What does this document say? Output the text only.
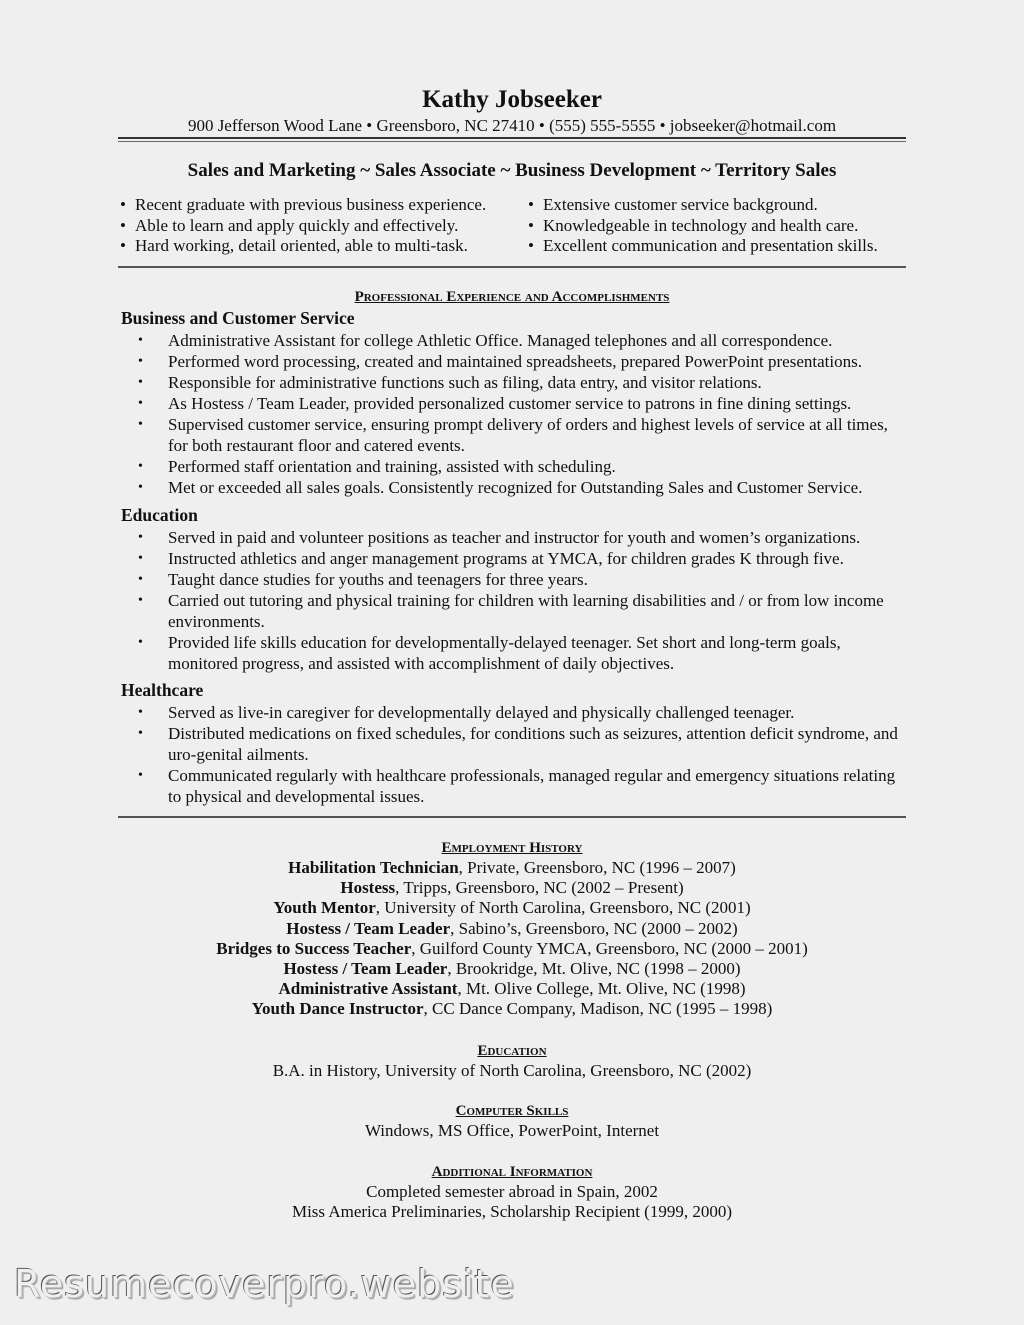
Kathy Jobseeker
900 Jefferson Wood Lane • Greensboro, NC 27410 • (555) 555-5555 • jobseeker@hotmail.com
Sales and Marketing ~ Sales Associate ~ Business Development ~ Territory Sales
• Recent graduate with previous business experience.
• Able to learn and apply quickly and effectively.
• Hard working, detail oriented, able to multi-task.
• Extensive customer service background.
• Knowledgeable in technology and health care.
• Excellent communication and presentation skills.
Professional Experience and Accomplishments
Business and Customer Service
• Administrative Assistant for college Athletic Office. Managed telephones and all correspondence.
• Performed word processing, created and maintained spreadsheets, prepared PowerPoint presentations.
• Responsible for administrative functions such as filing, data entry, and visitor relations.
• As Hostess / Team Leader, provided personalized customer service to patrons in fine dining settings.
• Supervised customer service, ensuring prompt delivery of orders and highest levels of service at all times, for both restaurant floor and catered events.
• Performed staff orientation and training, assisted with scheduling.
• Met or exceeded all sales goals. Consistently recognized for Outstanding Sales and Customer Service.
Education
• Served in paid and volunteer positions as teacher and instructor for youth and women’s organizations.
• Instructed athletics and anger management programs at YMCA, for children grades K through five.
• Taught dance studies for youths and teenagers for three years.
• Carried out tutoring and physical training for children with learning disabilities and / or from low income environments.
• Provided life skills education for developmentally-delayed teenager. Set short and long-term goals, monitored progress, and assisted with accomplishment of daily objectives.
Healthcare
• Served as live-in caregiver for developmentally delayed and physically challenged teenager.
• Distributed medications on fixed schedules, for conditions such as seizures, attention deficit syndrome, and uro-genital ailments.
• Communicated regularly with healthcare professionals, managed regular and emergency situations relating to physical and developmental issues.
Employment History
Habilitation Technician, Private, Greensboro, NC (1996 – 2007)
Hostess, Tripps, Greensboro, NC (2002 – Present)
Youth Mentor, University of North Carolina, Greensboro, NC (2001)
Hostess / Team Leader, Sabino’s, Greensboro, NC (2000 – 2002)
Bridges to Success Teacher, Guilford County YMCA, Greensboro, NC (2000 – 2001)
Hostess / Team Leader, Brookridge, Mt. Olive, NC (1998 – 2000)
Administrative Assistant, Mt. Olive College, Mt. Olive, NC (1998)
Youth Dance Instructor, CC Dance Company, Madison, NC (1995 – 1998)
Education
B.A. in History, University of North Carolina, Greensboro, NC (2002)
Computer Skills
Windows, MS Office, PowerPoint, Internet
Additional Information
Completed semester abroad in Spain, 2002
Miss America Preliminaries, Scholarship Recipient (1999, 2000)
Resumecoverpro.website
